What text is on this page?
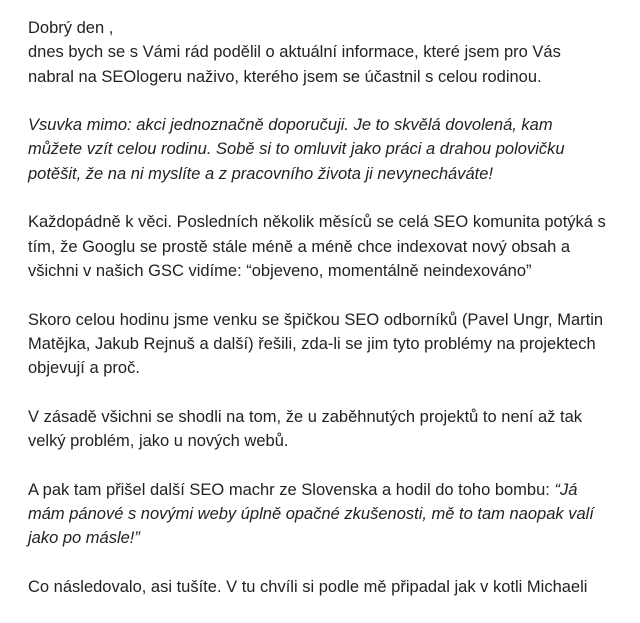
Dobrý den ,
dnes bych se s Vámi rád podělil o aktuální informace, které jsem pro Vás
nabral na SEOlogeru naživo, kterého jsem se účastnil s celou rodinou.

Vsuvka mimo: akci jednoznačně doporučuji. Je to skvělá dovolená, kam
můžete vzít celou rodinu. Sobě si to omluvit jako práci a drahou polovičku
potěšit, že na ni myslíte a z pracovního života ji nevynecháváte!

Každopádně k věci. Posledních několik měsíců se celá SEO komunita potýká s
tím, že Googlu se prostě stále méně a méně chce indexovat nový obsah a
všichni v našich GSC vidíme: “objeveno, momentálně neindexováno”

Skoro celou hodinu jsme venku se špičkou SEO odborníků (Pavel Ungr, Martin
Matějka, Jakub Rejnuš a další) řešili, zda-li se jim tyto problémy na projektech
objevují a proč.

V zásadě všichni se shodli na tom, že u zaběhnutých projektů to není až tak
velký problém, jako u nových webů.

A pak tam přišel další SEO machr ze Slovenska a hodil do toho bombu: “Já
mám pánové s novými weby úplně opačné zkušenosti, mě to tam naopak valí
jako po másle!”

Co následovalo, asi tušíte. V tu chvíli si podle mě připadal jak v kotli Michaeli
